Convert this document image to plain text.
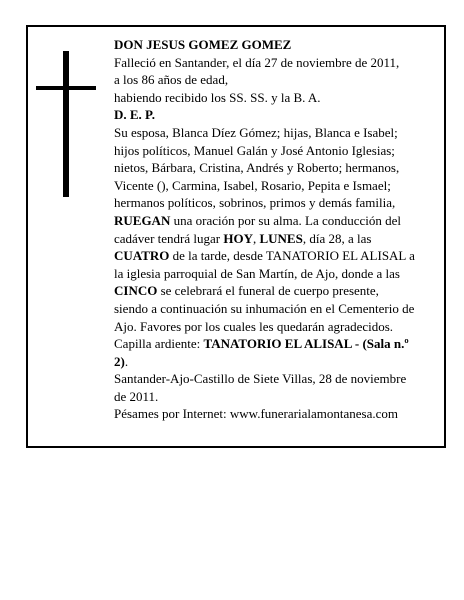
DON JESUS GOMEZ GOMEZ

Falleció en Santander, el día 27 de noviembre de 2011,
a los 86 años de edad,

habiendo recibido los SS. SS. y la B. A.

D. E. P.

Su esposa, Blanca Díez Gómez; hijas, Blanca e Isabel; hijos políticos, Manuel Galán y José Antonio Iglesias; nietos, Bárbara, Cristina, Andrés y Roberto; hermanos, Vicente (), Carmina, Isabel, Rosario, Pepita e Ismael; hermanos políticos, sobrinos, primos y demás familia, RUEGAN una oración por su alma. La conducción del cadáver tendrá lugar HOY, LUNES, día 28, a las CUATRO de la tarde, desde TANATORIO EL ALISAL a la iglesia parroquial de San Martín, de Ajo, donde a las CINCO se celebrará el funeral de cuerpo presente, siendo a continuación su inhumación en el Cementerio de Ajo. Favores por los cuales les quedarán agradecidos.

Capilla ardiente: TANATORIO EL ALISAL - (Sala n.º 2).

Santander-Ajo-Castillo de Siete Villas, 28 de noviembre de 2011.

Pésames por Internet: www.funerarialamontanesa.com
